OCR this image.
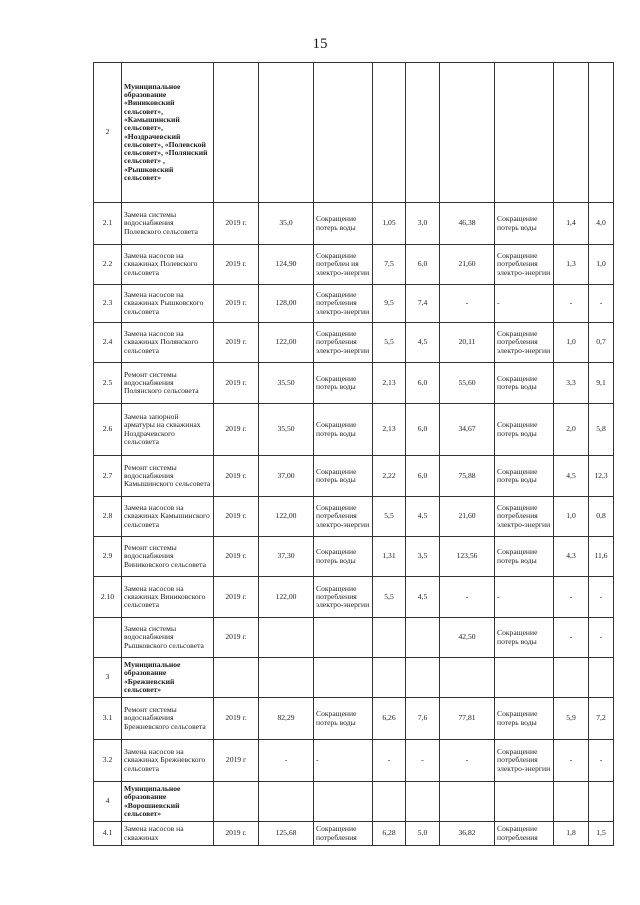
15
2	Муниципальное образование «Виниковский сельсовет», «Камышинский сельсовет», «Ноздрачевский сельсовет», «Полевской сельсовет», «Полянский сельсовет» , «Рышковский сельсовет»									
2.1	Замена системы водоснабжения Полевского сельсовета	2019 г.	35,0	Сокращение потерь воды	1,05	3,0	46,38	Сокращение потерь воды	1,4	4,0
2.2	Замена насосов на скважинах Полевского сельсовета	2019 г.	124,90	Сокращение потреблен ия электро-энергии	7,5	6,0	21,60	Сокращение потребления электро-энергии	1,3	1,0
2.3	Замена насосов на скважинах Рышковского сельсовета	2019 г.	128,00	Сокращение потребления электро-энергии	9,5	7,4	-	-	-	-
2.4	Замена насосов на скважинах Полянского сельсовета	2019 г.	122,00	Сокращение потребления электро-энергии	5,5	4,5	20,11	Сокращение потребления электро-энергии	1,0	0,7
2.5	Ремонт системы водоснабжения Полянского сельсовета	2019 г.	35,50	Сокращение потерь воды	2,13	6,0	55,60	Сокращение потерь воды	3,3	9,1
2.6	Замена запорной арматуры на скважинах Ноздрачевского сельсовета	2019 г.	35,50	Сокращение потерь воды	2,13	6,0	34,67	Сокращение потерь воды	2,0	5,8
2.7	Ремонт системы водоснабжения Камышинского сельсовета	2019 г.	37,00	Сокращение потерь воды	2,22	6,0	75,88	Сокращение потерь воды	4,5	12,3
2.8	Замена насосов на скважинах Камышинского сельсовета	2019 г.	122,00	Сокращение потребления электро-энергии	5,5	4,5	21,60	Сокращение потребления электро-энергии	1,0	0,8
2.9	Ремонт системы водоснабжения Виниковского сельсовета	2019 г.	37,30	Сокращение потерь воды	1,31	3,5	123,56	Сокращение потерь воды	4,3	11,6
2.10	Замена насосов на скважинах Виниковского сельсовета	2019 г.	122,00	Сокращение потребления электро-энергии	5,5	4,5	-	-	-	-
	Замена системы водоснабжения Рышковского сельсовета	2019 г.					42,50	Сокращение потерь воды	-	-
3	Муниципальное образование «Брежневский сельсовет»									
3.1	Ремонт системы водоснабжения Брежневского сельсовета	2019 г.	82,29	Сокращение потерь воды	6,26	7,6	77,81	Сокращение потерь воды	5,9	7,2
3.2	Замена насосов на скважинах Брежневского сельсовета	2019 г	-	-	-	-	-	Сокращение потребления электро-энергии	-	-
4	Муниципальное образование «Ворошневский сельсовет»									
4.1	Замена насосов на скважинах	2019 г.	125,68	Сокращение потребления	6,28	5,0	36,82	Сокращение потребления	1,8	1,5
